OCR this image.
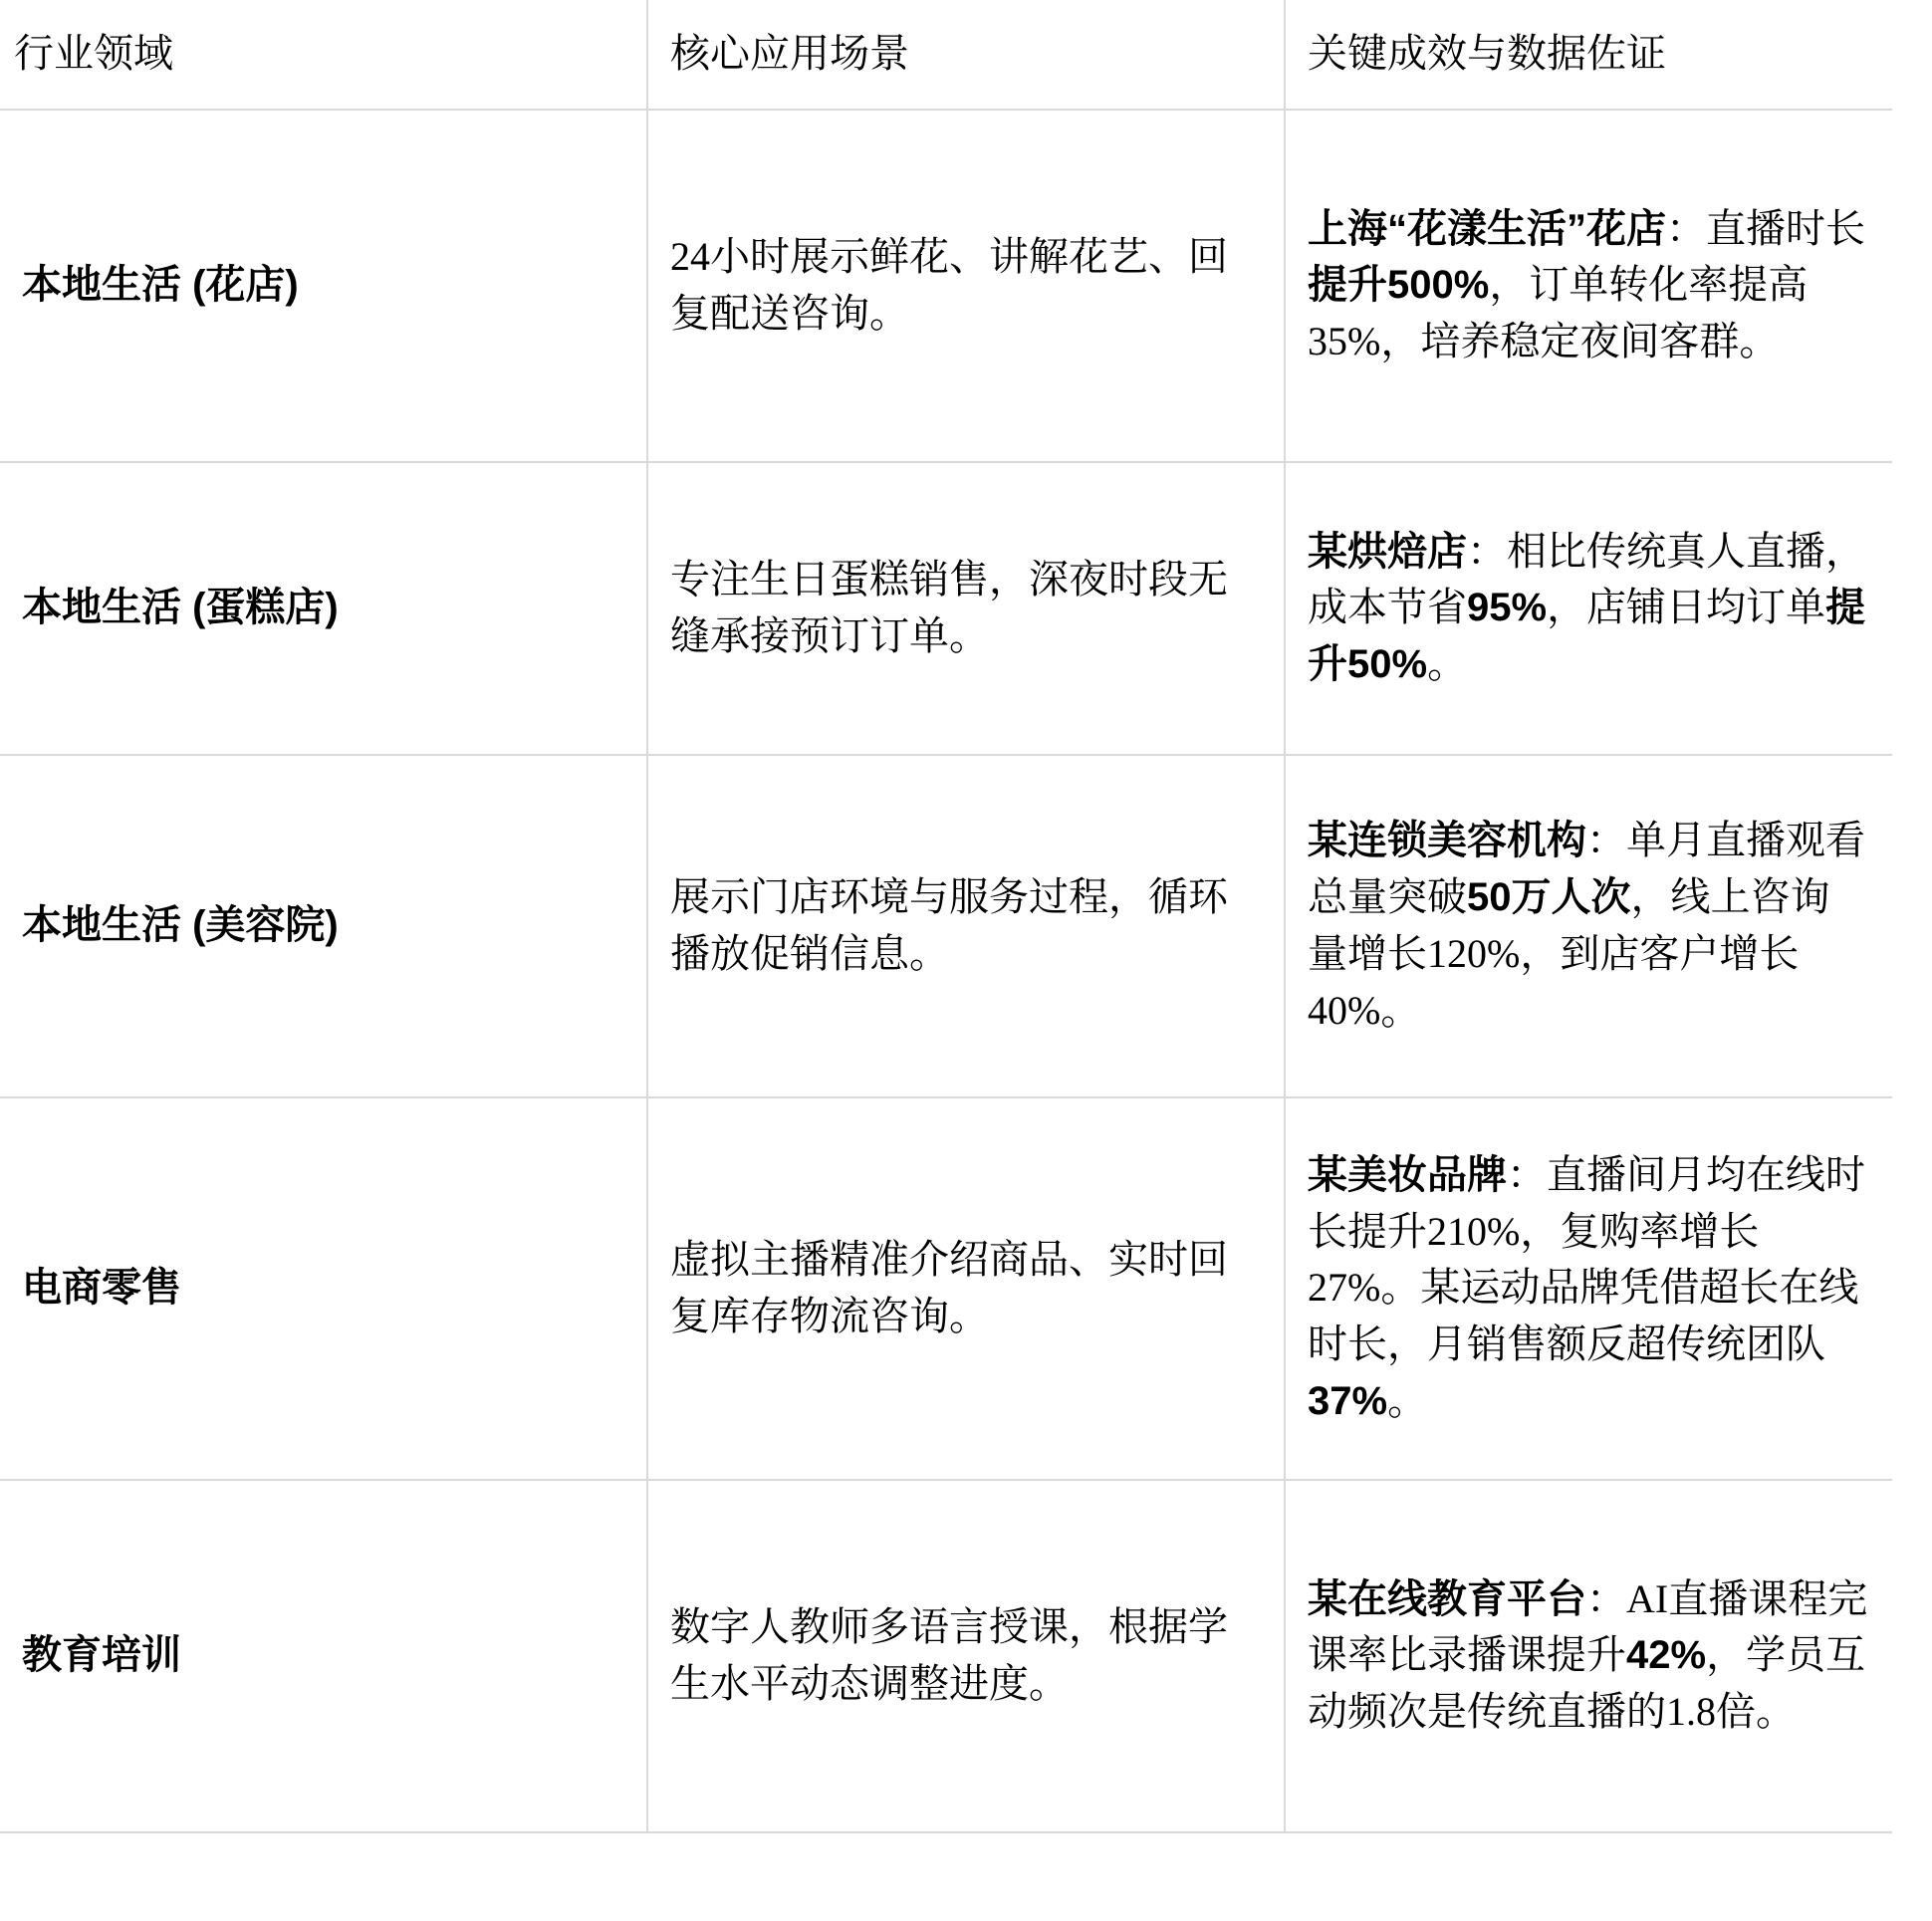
行业领域	核心应用场景	关键成效与数据佐证
本地生活 (花店)	24小时展示鲜花、讲解花艺、回复配送咨询。	上海“花漾生活”花店：直播时长提升500%，订单转化率提高35%，培养稳定夜间客群。
本地生活 (蛋糕店)	专注生日蛋糕销售，深夜时段无缝承接预订订单。	某烘焙店：相比传统真人直播，成本节省95%，店铺日均订单提升50%。
本地生活 (美容院)	展示门店环境与服务过程，循环播放促销信息。	某连锁美容机构：单月直播观看总量突破50万人次，线上咨询量增长120%，到店客户增长40%。
电商零售	虚拟主播精准介绍商品、实时回复库存物流咨询。	某美妆品牌：直播间月均在线时长提升210%，复购率增长27%。某运动品牌凭借超长在线时长，月销售额反超传统团队37%。
教育培训	数字人教师多语言授课，根据学生水平动态调整进度。	某在线教育平台：AI直播课程完课率比录播课提升42%，学员互动频次是传统直播的1.8倍。
